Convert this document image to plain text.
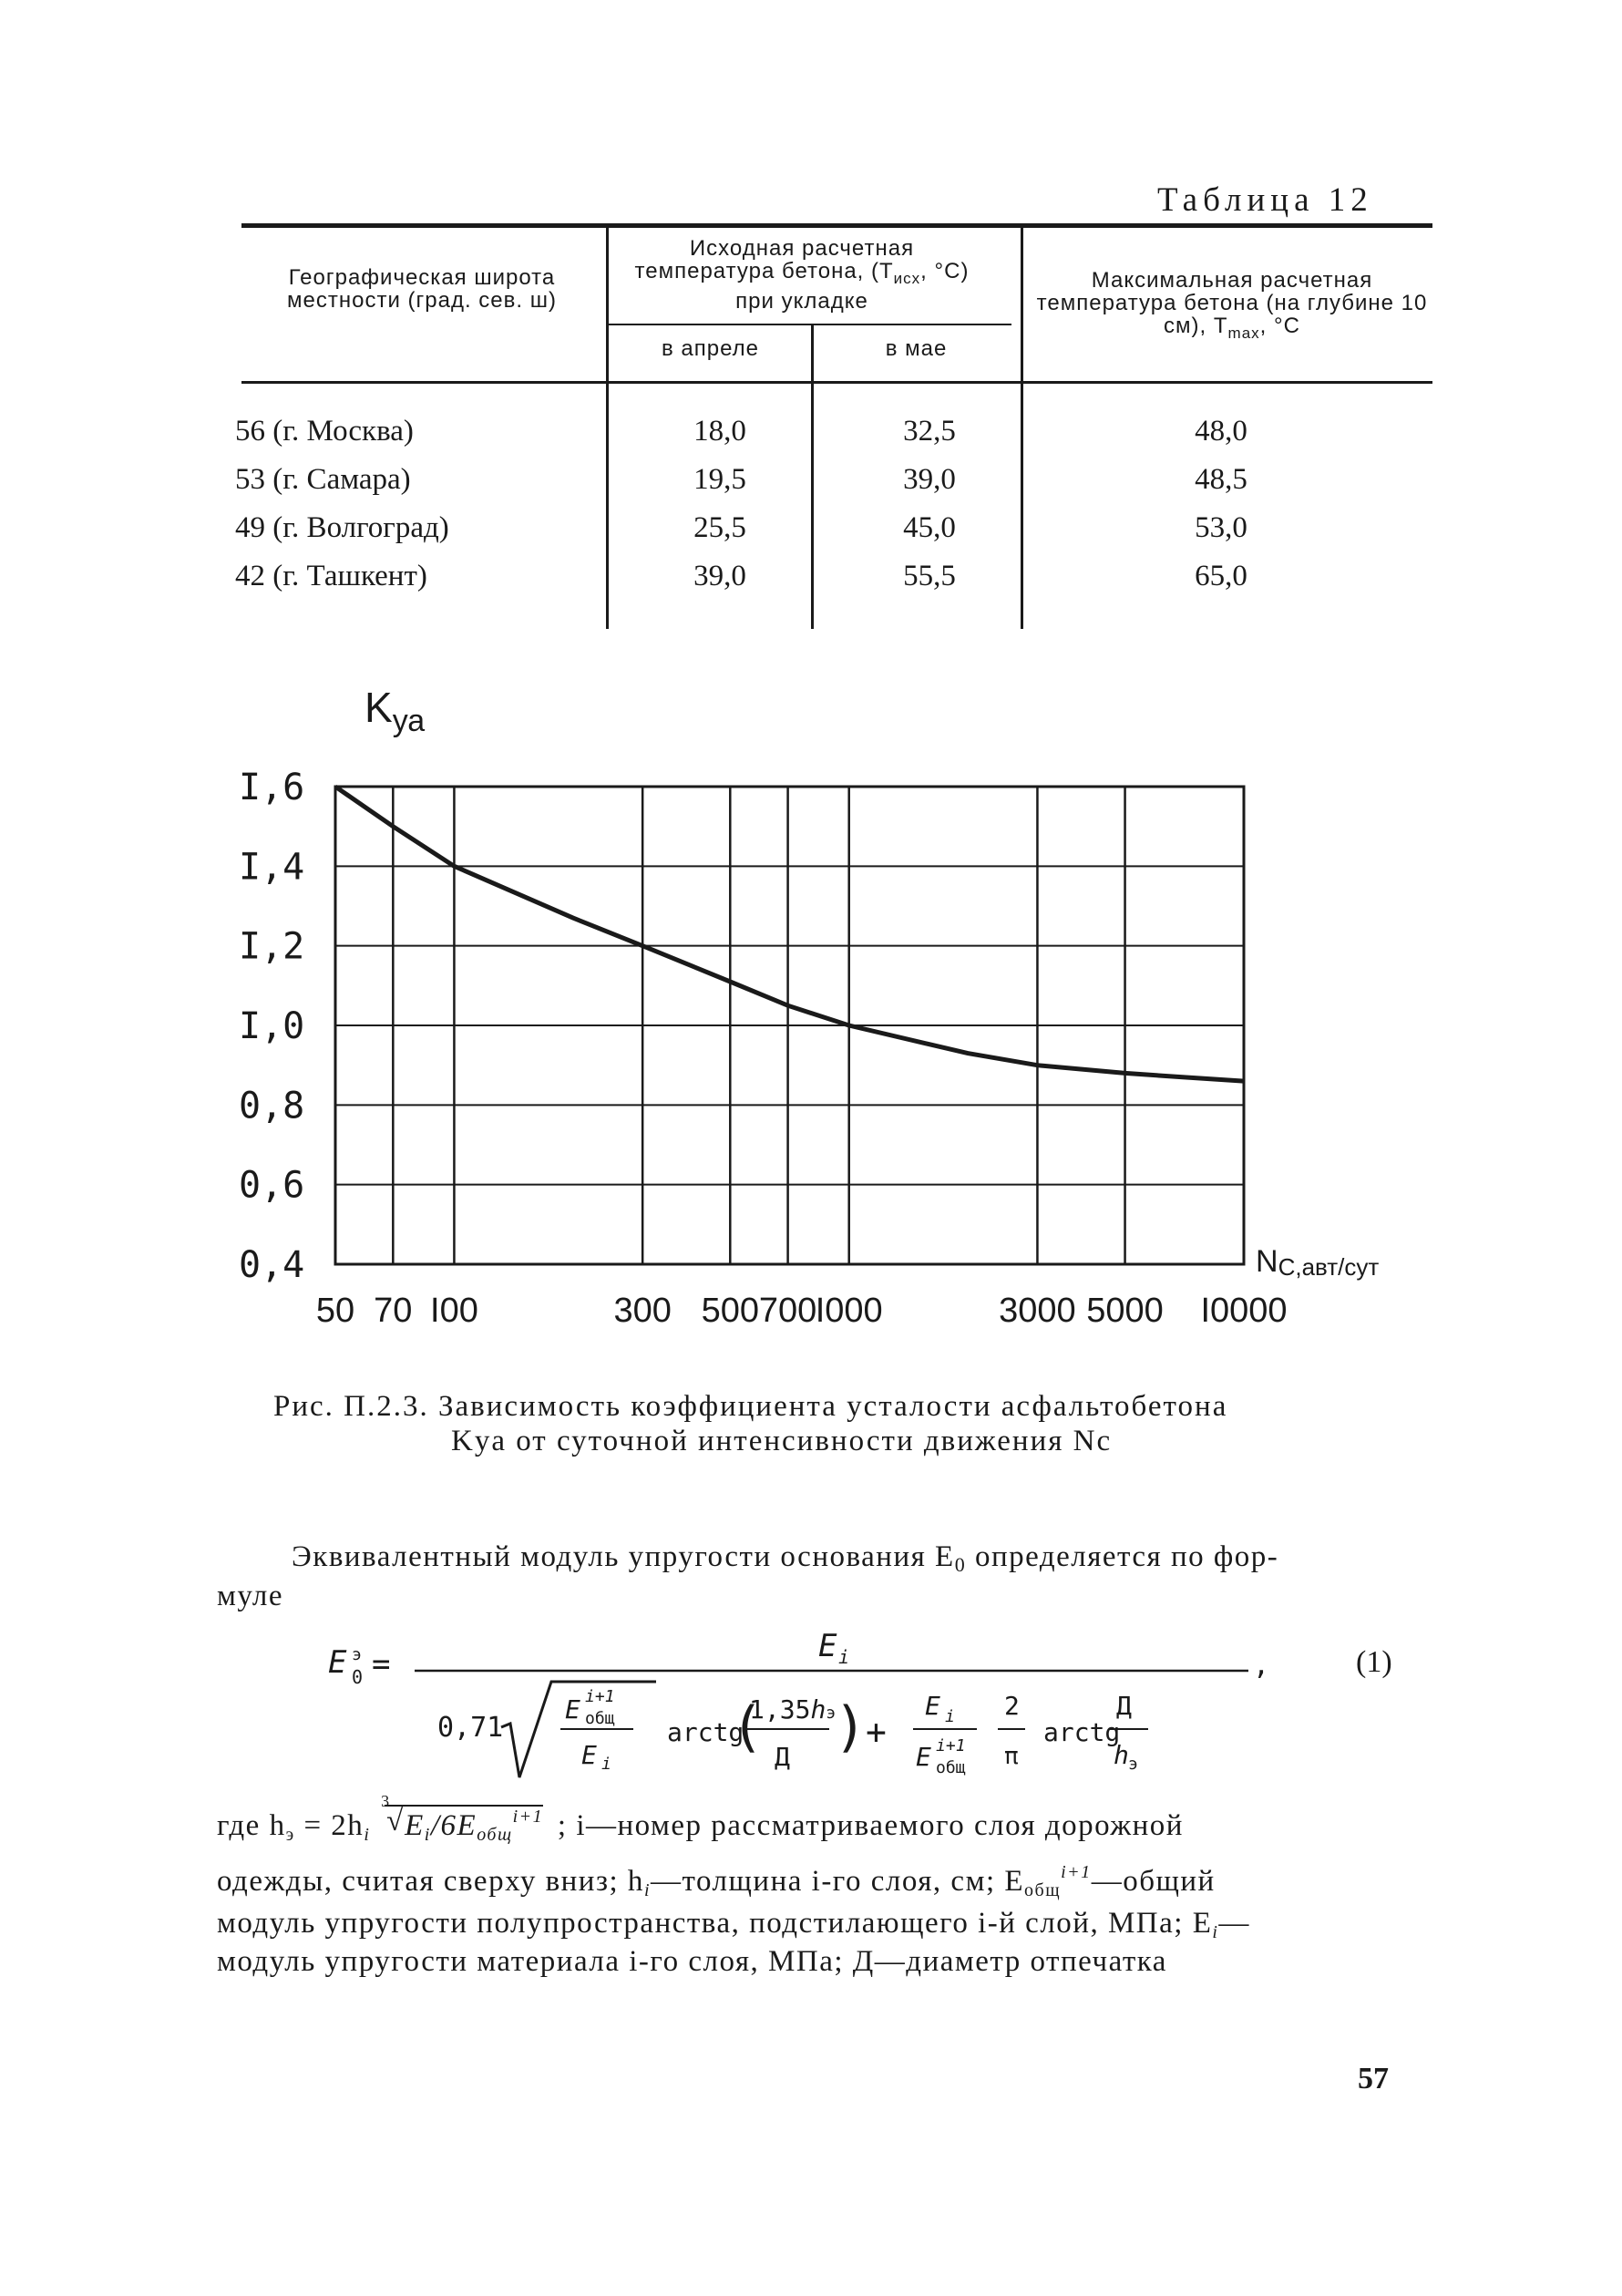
Таблица 12
Географическая широта местности (град. сев. ш)
Исходная расчетная температура бетона, ($T_{исх}$, °C) при укладке
в апреле	в мае
Максимальная расчетная температура бетона (на глубине 10 см), $T_{max}$, °C
56 (г. Москва)	18,0	32,5	48,0
53 (г. Самара)	19,5	39,0	48,5
49 (г. Волгоград)	25,5	45,0	53,0
42 (г. Ташкент)	39,0	55,5	65,0
I,6
I,4
I,2
I,0
0,8
0,6
0,4
50 70 I00	300 500 700
I000	3000 5000 I0000
$K_{уа}$
NС,авт/сут
Рис. П.2.3. Зависимость коэффициента усталости асфальтобетона
Kya от суточной интенсивности движения Nc
Эквивалентный модуль упругости основания E0 определяется по фор-
муле
E 0
э =	E i	,
0,71
E i+1
общ
E i
arctg
(
1,35hэ
Д )
+
E i
E i+1
общ
2
π
arctg
Д
h э
(1)
где hэ = 2hi
3
√ Ei/6Eобщ$^{i+1}$ ; i—номер рассматриваемого слоя дорожной
одежды, считая сверху вниз; hi—толщина i-го слоя, см; Eобщ$^{i+1}$—общий
модуль упругости полупространства, подстилающего i-й слой, МПа; Ei—
модуль упругости материала i-го слоя, МПа; Д—диаметр отпечатка
57
